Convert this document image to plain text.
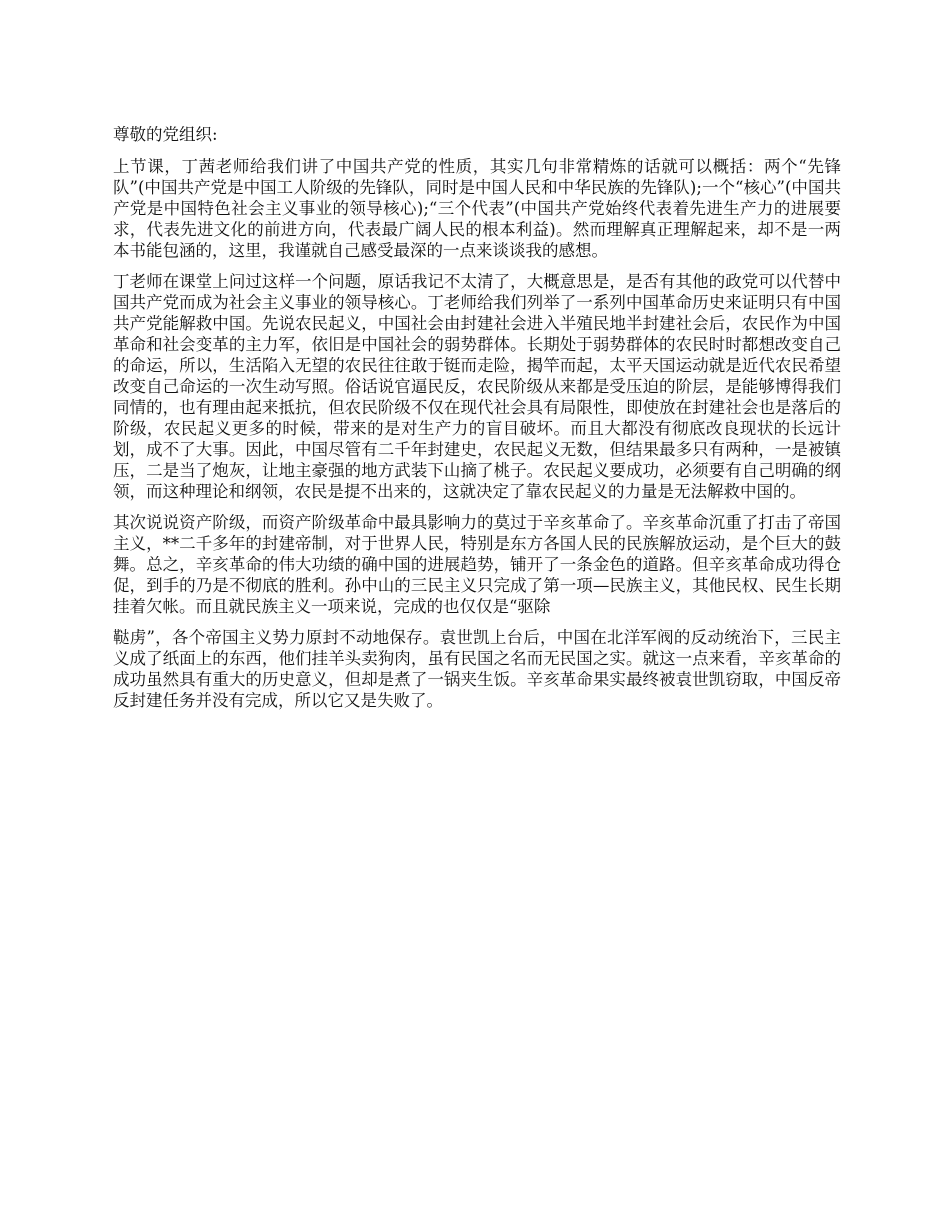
尊敬的党组织:

上节课，丁茜老师给我们讲了中国共产党的性质，其实几句非常精炼的话就可以概括：两个“先锋队”(中国共产党是中国工人阶级的先锋队，同时是中国人民和中华民族的先锋队);一个“核心”(中国共产党是中国特色社会主义事业的领导核心);“三个代表”(中国共产党始终代表着先进生产力的进展要求，代表先进文化的前进方向，代表最广阔人民的根本利益)。然而理解真正理解起来，却不是一两本书能包涵的，这里，我谨就自己感受最深的一点来谈谈我的感想。

丁老师在课堂上问过这样一个问题，原话我记不太清了，大概意思是，是否有其他的政党可以代替中国共产党而成为社会主义事业的领导核心。丁老师给我们列举了一系列中国革命历史来证明只有中国共产党能解救中国。先说农民起义，中国社会由封建社会进入半殖民地半封建社会后，农民作为中国革命和社会变革的主力军，依旧是中国社会的弱势群体。长期处于弱势群体的农民时时都想改变自己的命运，所以，生活陷入无望的农民往往敢于铤而走险，揭竿而起，太平天国运动就是近代农民希望改变自己命运的一次生动写照。俗话说官逼民反，农民阶级从来都是受压迫的阶层，是能够博得我们同情的，也有理由起来抵抗，但农民阶级不仅在现代社会具有局限性，即使放在封建社会也是落后的阶级，农民起义更多的时候，带来的是对生产力的盲目破坏。而且大都没有彻底改良现状的长远计划，成不了大事。因此，中国尽管有二千年封建史，农民起义无数，但结果最多只有两种，一是被镇压，二是当了炮灰，让地主豪强的地方武装下山摘了桃子。农民起义要成功，必须要有自己明确的纲领，而这种理论和纲领，农民是提不出来的，这就决定了靠农民起义的力量是无法解救中国的。

其次说说资产阶级，而资产阶级革命中最具影响力的莫过于辛亥革命了。辛亥革命沉重了打击了帝国主义，**二千多年的封建帝制，对于世界人民，特别是东方各国人民的民族解放运动，是个巨大的鼓舞。总之，辛亥革命的伟大功绩的确中国的进展趋势，铺开了一条金色的道路。但辛亥革命成功得仓促，到手的乃是不彻底的胜利。孙中山的三民主义只完成了第一项—民族主义，其他民权、民生长期挂着欠帐。而且就民族主义一项来说，完成的也仅仅是“驱除

鞑虏”，各个帝国主义势力原封不动地保存。袁世凯上台后，中国在北洋军阀的反动统治下，三民主义成了纸面上的东西，他们挂羊头卖狗肉，虽有民国之名而无民国之实。就这一点来看，辛亥革命的成功虽然具有重大的历史意义，但却是煮了一锅夹生饭。辛亥革命果实最终被袁世凯窃取，中国反帝反封建任务并没有完成，所以它又是失败了。
